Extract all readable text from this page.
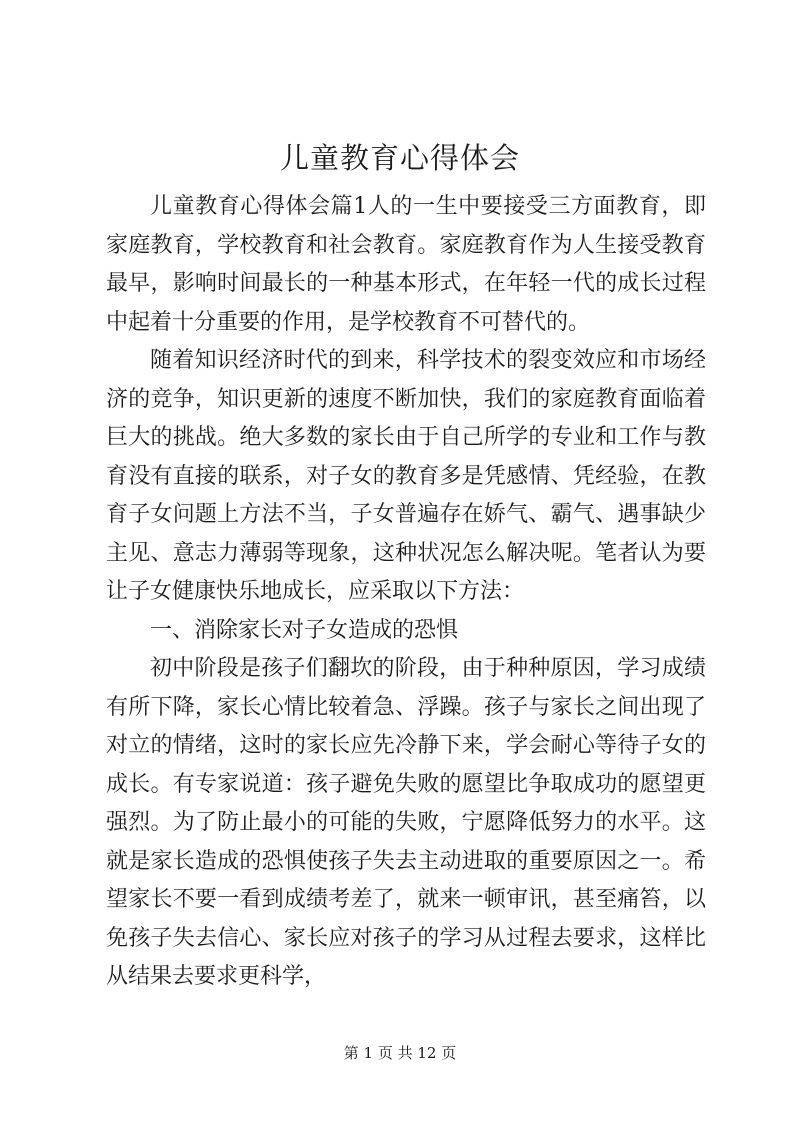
儿童教育心得体会

儿童教育心得体会篇1人的一生中要接受三方面教育，即家庭教育，学校教育和社会教育。家庭教育作为人生接受教育最早，影响时间最长的一种基本形式，在年轻一代的成长过程中起着十分重要的作用，是学校教育不可替代的。

随着知识经济时代的到来，科学技术的裂变效应和市场经济的竞争，知识更新的速度不断加快，我们的家庭教育面临着巨大的挑战。绝大多数的家长由于自己所学的专业和工作与教育没有直接的联系，对子女的教育多是凭感情、凭经验，在教育子女问题上方法不当，子女普遍存在娇气、霸气、遇事缺少主见、意志力薄弱等现象，这种状况怎么解决呢。笔者认为要让子女健康快乐地成长，应采取以下方法：

一、消除家长对子女造成的恐惧

初中阶段是孩子们翻坎的阶段，由于种种原因，学习成绩有所下降，家长心情比较着急、浮躁。孩子与家长之间出现了对立的情绪，这时的家长应先冷静下来，学会耐心等待子女的成长。有专家说道：孩子避免失败的愿望比争取成功的愿望更强烈。为了防止最小的可能的失败，宁愿降低努力的水平。这就是家长造成的恐惧使孩子失去主动进取的重要原因之一。希望家长不要一看到成绩考差了，就来一顿审讯，甚至痛笞，以免孩子失去信心、家长应对孩子的学习从过程去要求，这样比从结果去要求更科学，

第 1 页 共 12 页
